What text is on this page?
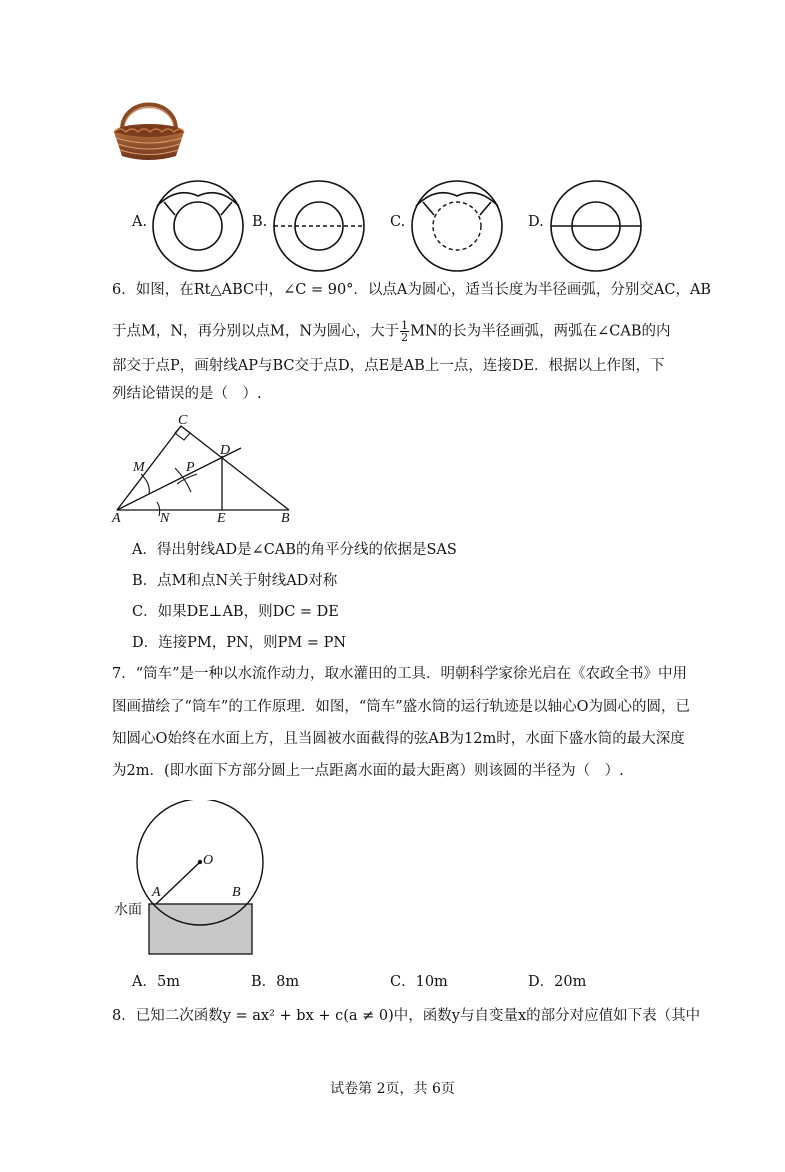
A.	B.	C.	D.
6．如图，在Rt△ABC中，∠C = 90°．以点A为圆心，适当长度为半径画弧，分别交AC，AB
于点M，N，再分别以点M，N为圆心，大于 $\frac{1}{2}$ MN的长为半径画弧，两弧在∠CAB的内
部交于点P，画射线AP与BC交于点D，点E是AB上一点，连接DE．根据以上作图，下
列结论错误的是（　）.
C
D
M	P
A	N	E	B
A．得出射线AD是∠CAB的角平分线的依据是SAS
B．点M和点N关于射线AD对称
C．如果DE⊥AB，则DC = DE
D．连接PM，PN，则PM = PN
7．“筒车”是一种以水流作动力，取水灌田的工具．明朝科学家徐光启在《农政全书》中用
图画描绘了“筒车”的工作原理．如图，“筒车”盛水筒的运行轨迹是以轴心O为圆心的圆，已
知圆心O始终在水面上方，且当圆被水面截得的弦AB为12m时，水面下盛水筒的最大深度
为2m．(即水面下方部分圆上一点距离水面的最大距离）则该圆的半径为（　）.
O
A	B
水面
A．5m	B．8m	C．10m	D．20m
8．已知二次函数y = ax² + bx + c(a ≠ 0)中，函数y与自变量x的部分对应值如下表（其中
试卷第 2页，共 6页
